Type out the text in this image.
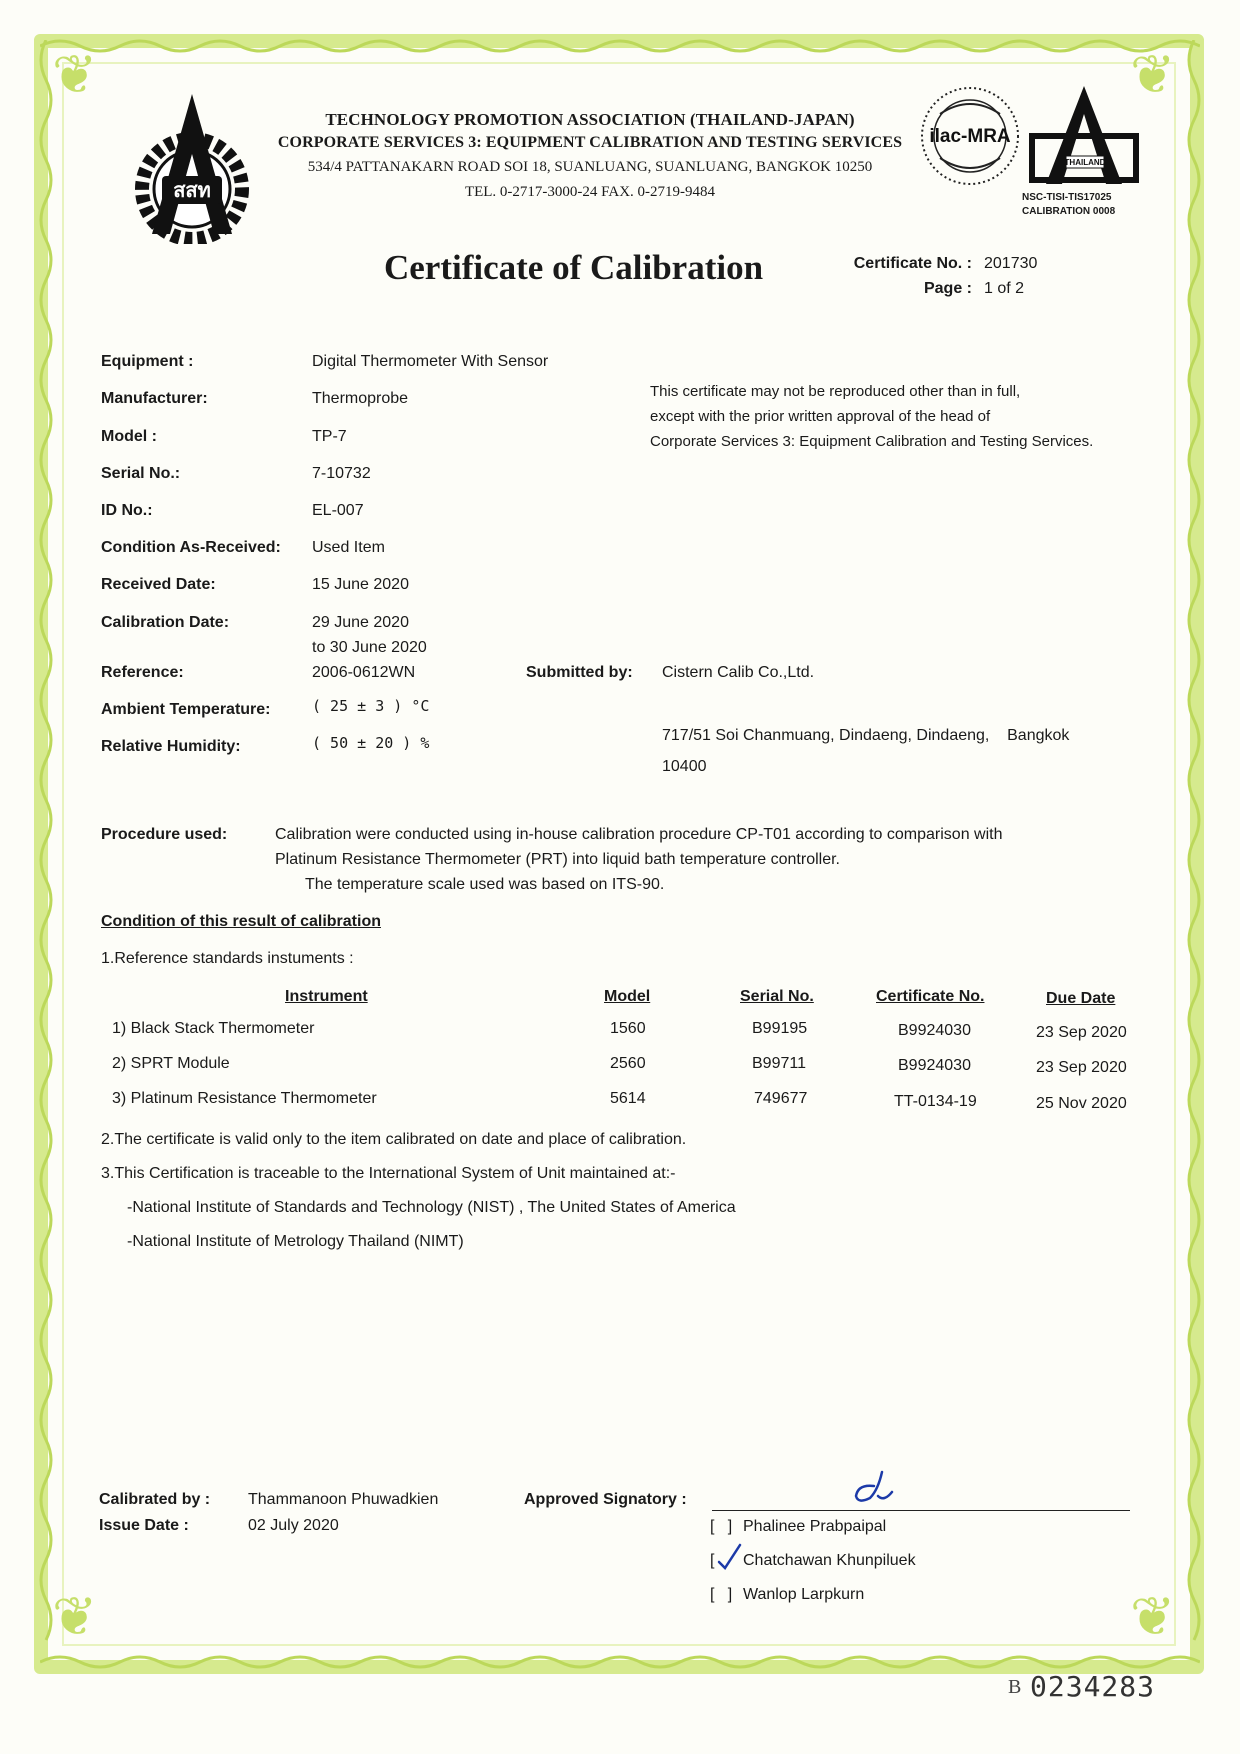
❦	❦
❦	❦
สสท
TECHNOLOGY PROMOTION ASSOCIATION (THAILAND-JAPAN)
CORPORATE SERVICES 3: EQUIPMENT CALIBRATION AND TESTING SERVICES
534/4 PATTANAKARN ROAD SOI 18, SUANLUANG, SUANLUANG, BANGKOK 10250
TEL. 0-2717-3000-24 FAX. 0-2719-9484
ilac-MRA
THAILAND
NSC-TISI-TIS17025
CALIBRATION 0008
Certificate of Calibration	Certificate No. : 201730
Page : 1 of 2
Equipment :	Digital Thermometer With Sensor
Manufacturer:	Thermoprobe
Model :	TP-7
Serial No.:	7-10732
ID No.:	EL-007
Condition As-Received: Used Item
Received Date:	15 June 2020
Calibration Date:	29 June 2020
to 30 June 2020
Reference:	2006-0612WN
Ambient Temperature:	( 25 ± 3 ) °C
Relative Humidity:	( 50 ± 20 ) %
This certificate may not be reproduced other than in full,
except with the prior written approval of the head of
Corporate Services 3: Equipment Calibration and Testing Services.
Submitted by: Cistern Calib Co.,Ltd.
717/51 Soi Chanmuang, Dindaeng, Dindaeng,    Bangkok
10400
Procedure used:	Calibration were conducted using in-house calibration procedure CP-T01 according to comparison with
Platinum Resistance Thermometer (PRT) into liquid bath temperature controller.
The temperature scale used was based on ITS-90.
Condition of this result of calibration
1.Reference standards instuments :
Instrument	Model	Serial No.	Certificate No.	Due Date
1) Black Stack Thermometer	1560	B99195	B9924030	23 Sep 2020
2) SPRT Module	2560	B99711	B9924030	23 Sep 2020
3) Platinum Resistance Thermometer	5614	749677	TT-0134-19	25 Nov 2020
2.The certificate is valid only to the item calibrated on date and place of calibration.
3.This Certification is traceable to the International System of Unit maintained at:-
-National Institute of Standards and Technology (NIST) , The United States of America
-National Institute of Metrology Thailand (NIMT)
Calibrated by : Thammanoon Phuwadkien
Issue Date :	02 July 2020
Approved Signatory :
[   ] Phalinee Prabpaipal
[ Chatchawan Khunpiluek
[   ] Wanlop Larpkurn
B 0234283
